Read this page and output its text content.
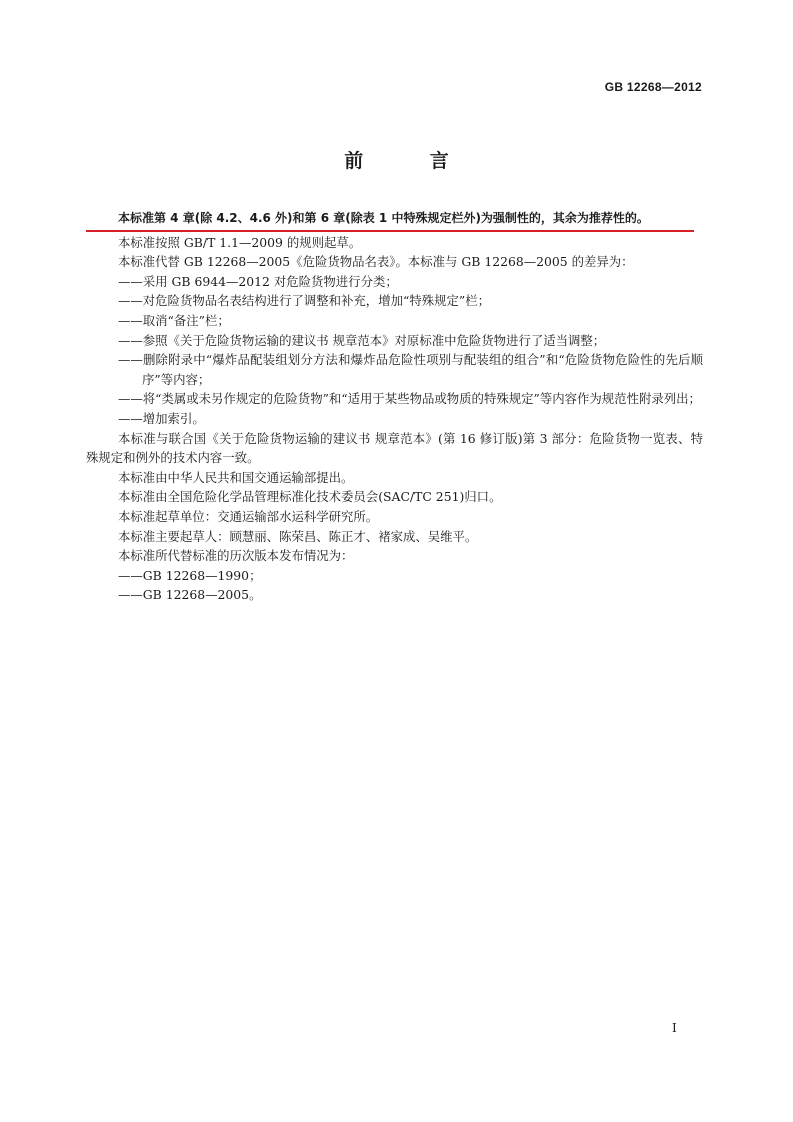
GB 12268—2012
前 言
本标准第 4 章(除 4.2、4.6 外)和第 6 章(除表 1 中特殊规定栏外)为强制性的，其余为推荐性的。
本标准按照 GB/T 1.1—2009 的规则起草。
本标准代替 GB 12268—2005《危险货物品名表》。本标准与 GB 12268—2005 的差异为：
——采用 GB 6944—2012 对危险货物进行分类；
——对危险货物品名表结构进行了调整和补充，增加“特殊规定”栏；
——取消“备注”栏；
——参照《关于危险货物运输的建议书 规章范本》对原标准中危险货物进行了适当调整；
——删除附录中“爆炸品配装组划分方法和爆炸品危险性项别与配装组的组合”和“危险货物危险性的先后顺序”等内容；
——将“类属或未另作规定的危险货物”和“适用于某些物品或物质的特殊规定”等内容作为规范性附录列出；
——增加索引。
本标准与联合国《关于危险货物运输的建议书 规章范本》(第 16 修订版)第 3 部分：危险货物一览表、特殊规定和例外的技术内容一致。
本标准由中华人民共和国交通运输部提出。
本标准由全国危险化学品管理标准化技术委员会(SAC/TC 251)归口。
本标准起草单位：交通运输部水运科学研究所。
本标准主要起草人：顾慧丽、陈荣昌、陈正才、褚家成、吴维平。
本标准所代替标准的历次版本发布情况为：
——GB 12268—1990；
——GB 12268—2005。
I
